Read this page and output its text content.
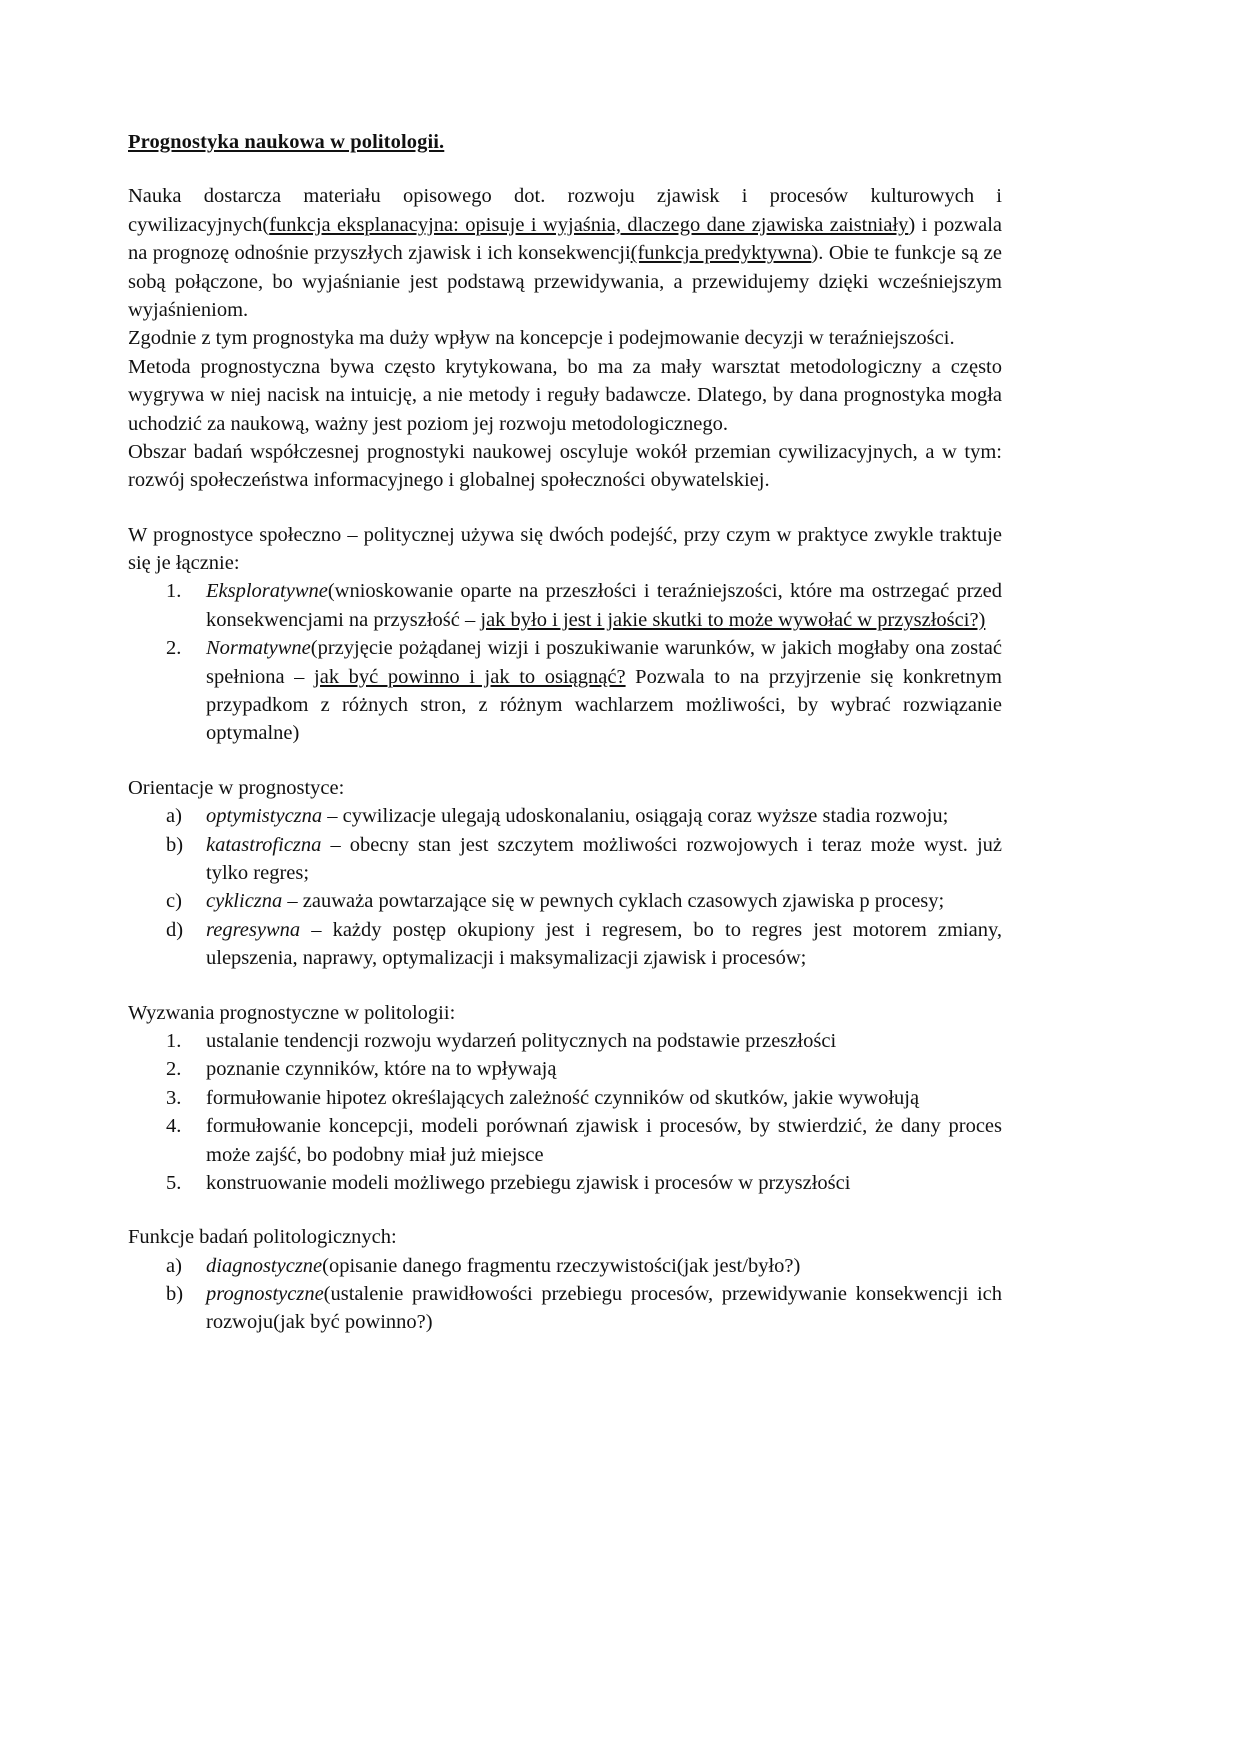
Prognostyka naukowa w politologii.

Nauka dostarcza materiału opisowego dot. rozwoju zjawisk i procesów kulturowych i cywilizacyjnych(funkcja eksplanacyjna: opisuje i wyjaśnia, dlaczego dane zjawiska zaistniały) i pozwala na prognozę odnośnie przyszłych zjawisk i ich konsekwencji(funkcja predyktywna). Obie te funkcje są ze sobą połączone, bo wyjaśnianie jest podstawą przewidywania, a przewidujemy dzięki wcześniejszym wyjaśnieniom.

Zgodnie z tym prognostyka ma duży wpływ na koncepcje i podejmowanie decyzji w teraźniejszości.

Metoda prognostyczna bywa często krytykowana, bo ma za mały warsztat metodologiczny a często wygrywa w niej nacisk na intuicję, a nie metody i reguły badawcze. Dlatego, by dana prognostyka mogła uchodzić za naukową, ważny jest poziom jej rozwoju metodologicznego.

Obszar badań współczesnej prognostyki naukowej oscyluje wokół przemian cywilizacyjnych, a w tym: rozwój społeczeństwa informacyjnego i globalnej społeczności obywatelskiej.

W prognostyce społeczno – politycznej używa się dwóch podejść, przy czym w praktyce zwykle traktuje się je łącznie:

1.	Eksploratywne(wnioskowanie oparte na przeszłości i teraźniejszości, które ma ostrzegać przed konsekwencjami na przyszłość – jak było i jest i jakie skutki to może wywołać w przyszłości?)
2.	Normatywne(przyjęcie pożądanej wizji i poszukiwanie warunków, w jakich mogłaby ona zostać spełniona – jak być powinno i jak to osiągnąć? Pozwala to na przyjrzenie się konkretnym przypadkom z różnych stron, z różnym wachlarzem możliwości, by wybrać rozwiązanie optymalne)

Orientacje w prognostyce:

a)	optymistyczna – cywilizacje ulegają udoskonalaniu, osiągają coraz wyższe stadia rozwoju;
b)	katastroficzna – obecny stan jest szczytem możliwości rozwojowych i teraz może wyst. już tylko regres;
c)	cykliczna – zauważa powtarzające się w pewnych cyklach czasowych zjawiska p procesy;
d)	regresywna – każdy postęp okupiony jest i regresem, bo to regres jest motorem zmiany, ulepszenia, naprawy, optymalizacji i maksymalizacji zjawisk i procesów;

Wyzwania prognostyczne w politologii:

1.	ustalanie tendencji rozwoju wydarzeń politycznych na podstawie przeszłości
2.	poznanie czynników, które na to wpływają
3.	formułowanie hipotez określających zależność czynników od skutków, jakie wywołują
4.	formułowanie koncepcji, modeli porównań zjawisk i procesów, by stwierdzić, że dany proces może zajść, bo podobny miał już miejsce
5.	konstruowanie modeli możliwego przebiegu zjawisk i procesów w przyszłości

Funkcje badań politologicznych:

a)	diagnostyczne(opisanie danego fragmentu rzeczywistości(jak jest/było?)
b)	prognostyczne(ustalenie prawidłowości przebiegu procesów, przewidywanie konsekwencji ich rozwoju(jak być powinno?)
